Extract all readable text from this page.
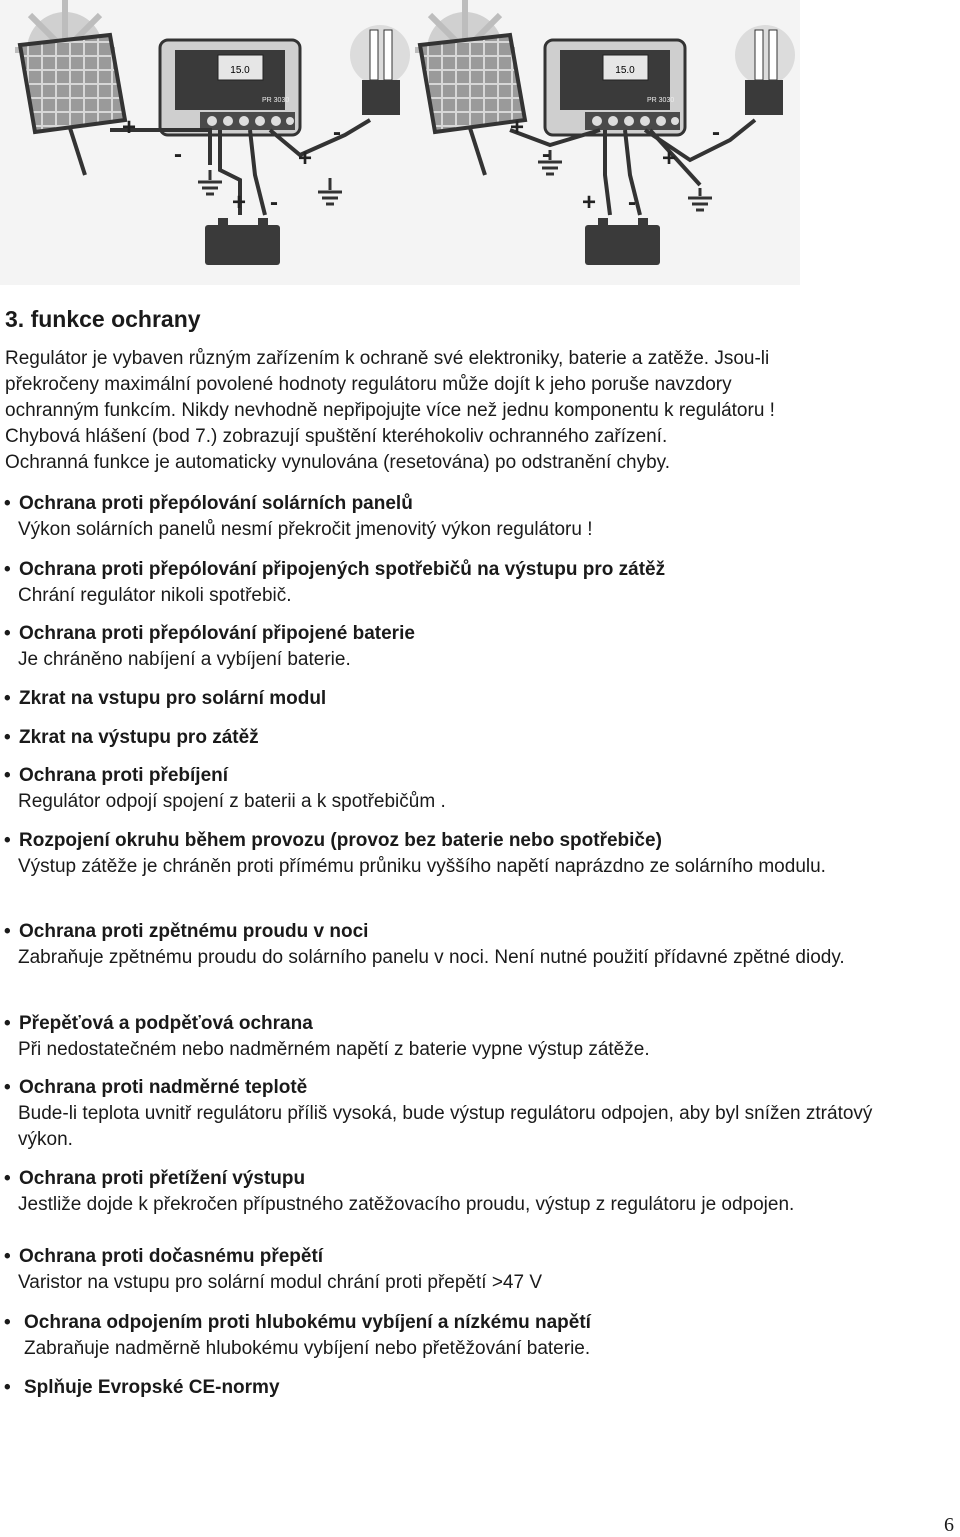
15.0
PR 3030
+
-	+
-
+ -
15.0
PR 3030
+
-	+
-
+ -
3. funkce ochrany

Regulátor je vybaven různým zařízením k ochraně své elektroniky, baterie a zatěže. Jsou-li

překročeny maximální povolené hodnoty regulátoru může dojít k jeho poruše navzdory

ochranným funkcím. Nikdy nevhodně nepřipojujte více než jednu komponentu k regulátoru !

Chybová hlášení (bod 7.) zobrazují spuštění kteréhokoliv ochranného zařízení.

Ochranná funkce je automaticky vynulována (resetována) po odstranění chyby.

• Ochrana proti přepólování solárních panelů
Výkon solárních panelů nesmí překročit jmenovitý výkon regulátoru !
• Ochrana proti přepólování připojených spotřebičů na výstupu pro zátěž
Chrání regulátor nikoli spotřebič.
• Ochrana proti přepólování připojené baterie
Je chráněno nabíjení a vybíjení baterie.
• Zkrat na vstupu pro solární modul
• Zkrat na výstupu pro zátěž
• Ochrana proti přebíjení
Regulátor odpojí spojení z baterii a k spotřebičům .
• Rozpojení okruhu během provozu (provoz bez baterie nebo spotřebiče)
Výstup zátěže je chráněn proti přímému průniku vyššího napětí naprázdno ze solárního modulu.
• Ochrana proti zpětnému proudu v noci
Zabraňuje zpětnému proudu do solárního panelu v noci. Není nutné použití přídavné zpětné diody.
• Přepěťová a podpěťová ochrana
Při nedostatečném nebo nadměrném napětí z baterie vypne výstup zátěže.
• Ochrana proti nadměrné teplotě
Bude-li teplota uvnitř regulátoru příliš vysoká, bude výstup regulátoru odpojen, aby byl snížen ztrátový výkon.
• Ochrana proti přetížení výstupu
Jestliže dojde k překročen přípustného zatěžovacího proudu, výstup z regulátoru je odpojen.
• Ochrana proti dočasnému přepětí
Varistor na vstupu pro solární modul chrání proti přepětí >47 V
• Ochrana odpojením proti hlubokému vybíjení a nízkému napětí
Zabraňuje nadměrně hlubokému vybíjení nebo přetěžování baterie.
• Splňuje Evropské CE-normy
6
